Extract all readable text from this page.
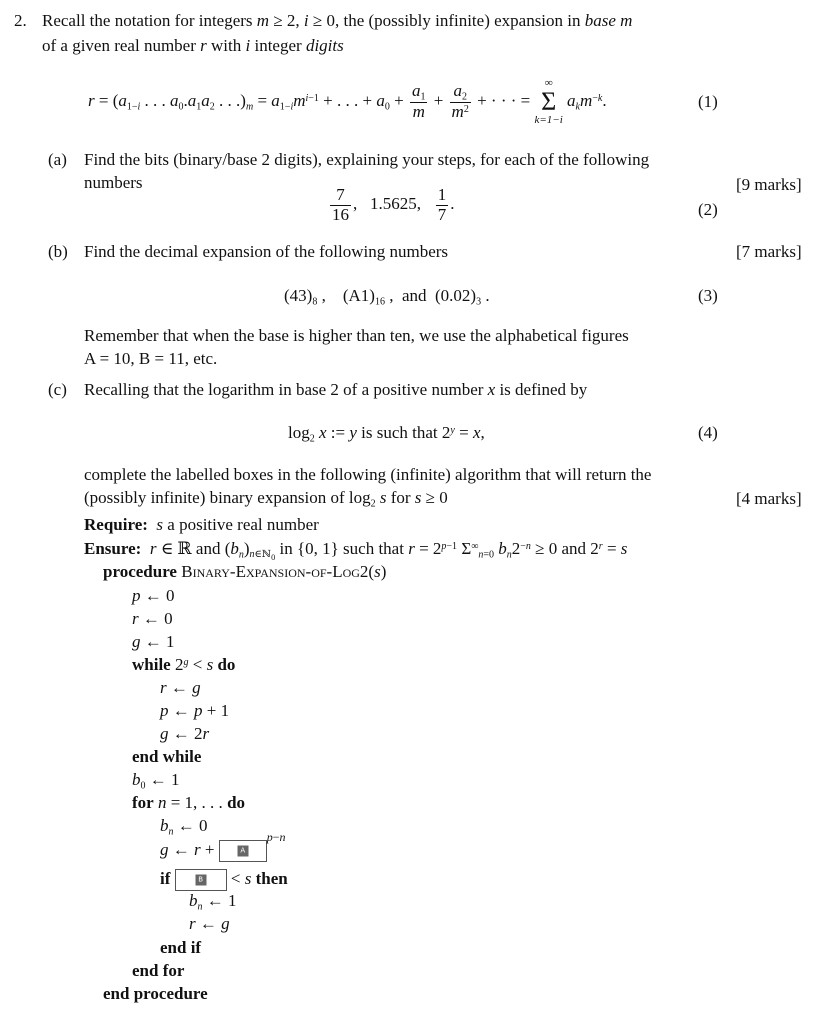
2. Recall the notation for integers m ≥ 2, i ≥ 0, the (possibly infinite) expansion in base m
of a given real number r with i integer digits
$r = (a_{1-i}$ . . . $a_0.a_1a_2$ . . $.)_m = a_{1-i}m^{i-1}$ + . . . + $a_0 + \frac{a_1}{m} + \frac{a_2}{m^2}$ + · · · =
∞
Σ
k=1−i
$a_km^{-k}$.	(1)
(a) Find the bits (binary/base 2 digits), explaining your steps, for each of the following
numbers	[9 marks]
$\frac{7}{16}$ ,   1.5625, $\frac{1}{7}$ .	(2)
(b) Find the decimal expansion of the following numbers	[7 marks]
$(43)_8$ ,    $(A1)_{16}$ ,  and  $(0.02)_3$ .	(3)
Remember that when the base is higher than ten, we use the alphabetical figures
A = 10, B = 11, etc.
(c) Recalling that the logarithm in base 2 of a positive number x is defined by
$\log_2 x$ := y is such that $2^y = x$,	(4)
complete the labelled boxes in the following (infinite) algorithm that will return the
(possibly infinite) binary expansion of $\log_2 s$ for s ≥ 0	[4 marks]
Require: s a positive real number
Ensure: r ∈ ℝ and $(b_n)_{n\in ℕ_0}$ in {0, 1} such that $r = 2^{p-1}$ $\Sigma^\infty_{n=0}$ $b_n2^{-n} \ge 0$ and $2^r = s$
procedure Binary-Expansion-of-Log2(s)
p ← 0
r ← 0
g ← 1
while $2^g < s$ do
r ← g
p ← p + 1
g ← 2r
end while
$b_0$ ← 1
for n = 1, . . . do
$b_n$ ← 0
g ← r +	A
$^{p-n}$
if	B < s then
$b_n$ ← 1
r ← g
end if
end for
end procedure
